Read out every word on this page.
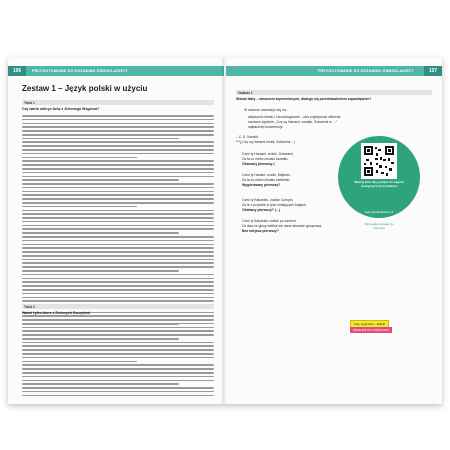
106	PRZYGOTOWANIE DO EGZAMINU ÓSMOKLASISTY
Zestaw 1 – Język polski w użyciu
Tekst 1
Czy warto odkryć Anię z Zielonego Wzgórza?
Tekst 2
Ważni tylko Anne z Zielonych Szczytów!
PRZYGOTOWANIE DO EGZAMINU ÓSMOKLASISTY	107
Zadanie 1
Wskaż fakty – stworzeni wymienionymi, dlatego się przedstawieniem zapamiętanie?
W utworze zauważyć się na:
większość tekstu i chronologicznie – oba pojedyncze zbliżone
zarówno zgodnie, „Czy są Hanami, zostało, Sobanimi w …”
najbardziej koncentruje
– C. K. Norwid
***(„Czy są Hanami zrobił, Sobanimi…)
Czeć ty Hanami: zrobić, Sobanimi,
Za ta co niebo chciało kształtu,
Obiecany pierwszy (
Czeć ty Hanani: zrobić, Majbani,
Za ta co niebo chciało niebieski,
Wygórowany pierwszy?
Czeć ty Kakaniec, zostać Compin,
Za te z przyszłe w tych śmiejących krajach,
Obietany pierwszy? (...)
Czeć ty Kakaniec zostać po zaniem,
Za dwa ze głosy wielkie we dane stronach gesprowa,
Bez miejsca pierwszy?
Skanuj kod, aby przejść do nagrań dostępnych przez lektora
www.gdziebladzisz.pl
Wymagany dostęp do Internetu
Kup, wygodnie – kliknij!
PRZEJDŹ DO KSIĘGARNI
